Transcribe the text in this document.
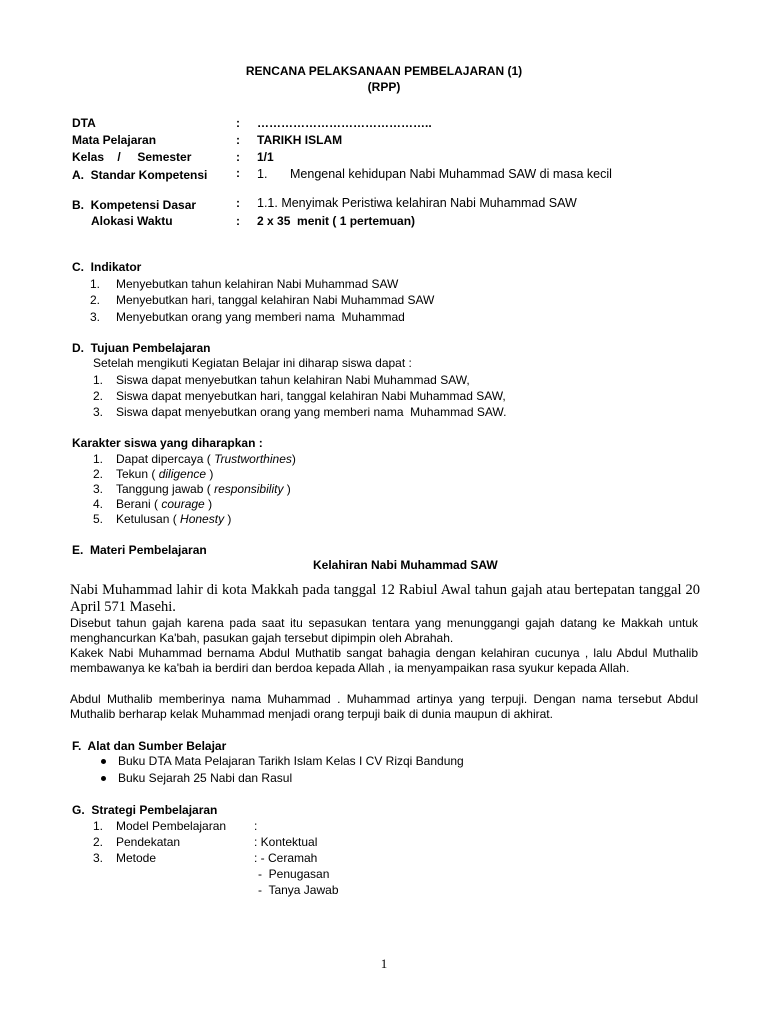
RENCANA PELAKSANAAN PEMBELAJARAN (1)
(RPP)
DTA	: ……………………………………..
Mata Pelajaran	: TARIKH ISLAM
Kelas    /     Semester	: 1/1
A.  Standar Kompetensi : 1. Mengenal kehidupan Nabi Muhammad SAW di masa kecil
B.  Kompetensi Dasar	: 1.1. Menyimak Peristiwa kelahiran Nabi Muhammad SAW
Alokasi Waktu	: 2 x 35  menit ( 1 pertemuan)
C.  Indikator
1. Menyebutkan tahun kelahiran Nabi Muhammad SAW
2. Menyebutkan hari, tanggal kelahiran Nabi Muhammad SAW
3. Menyebutkan orang yang memberi nama  Muhammad
D.  Tujuan Pembelajaran
Setelah mengikuti Kegiatan Belajar ini diharap siswa dapat :
1. Siswa dapat menyebutkan tahun kelahiran Nabi Muhammad SAW,
2. Siswa dapat menyebutkan hari, tanggal kelahiran Nabi Muhammad SAW,
3. Siswa dapat menyebutkan orang yang memberi nama  Muhammad SAW.
Karakter siswa yang diharapkan :
1. Dapat dipercaya ( Trustworthines)
2. Tekun ( diligence )
3. Tanggung jawab ( responsibility )
4. Berani ( courage )
5. Ketulusan ( Honesty )
E.  Materi Pembelajaran
Kelahiran Nabi Muhammad SAW
Nabi Muhammad lahir di kota Makkah pada tanggal 12 Rabiul Awal tahun gajah atau bertepatan tanggal 20 April 571 Masehi.
Disebut tahun gajah karena pada saat itu sepasukan tentara yang menunggangi gajah datang ke Makkah untuk menghancurkan Ka'bah, pasukan gajah tersebut dipimpin oleh Abrahah.
Kakek Nabi Muhammad bernama Abdul Muthatib sangat bahagia dengan kelahiran cucunya , lalu Abdul Muthalib membawanya ke ka'bah ia berdiri dan berdoa kepada Allah , ia menyampaikan rasa syukur kepada Allah.
Abdul Muthalib memberinya nama Muhammad . Muhammad artinya yang terpuji. Dengan nama tersebut Abdul Muthalib berharap kelak Muhammad menjadi orang terpuji baik di dunia maupun di akhirat.
F.  Alat dan Sumber Belajar
Buku DTA Mata Pelajaran Tarikh Islam Kelas I CV Rizqi Bandung
Buku Sejarah 25 Nabi dan Rasul
G.  Strategi Pembelajaran
1. Model Pembelajaran :
2. Pendekatan	: Kontektual
3. Metode	: - Ceramah
-  Penugasan
-  Tanya Jawab
1
